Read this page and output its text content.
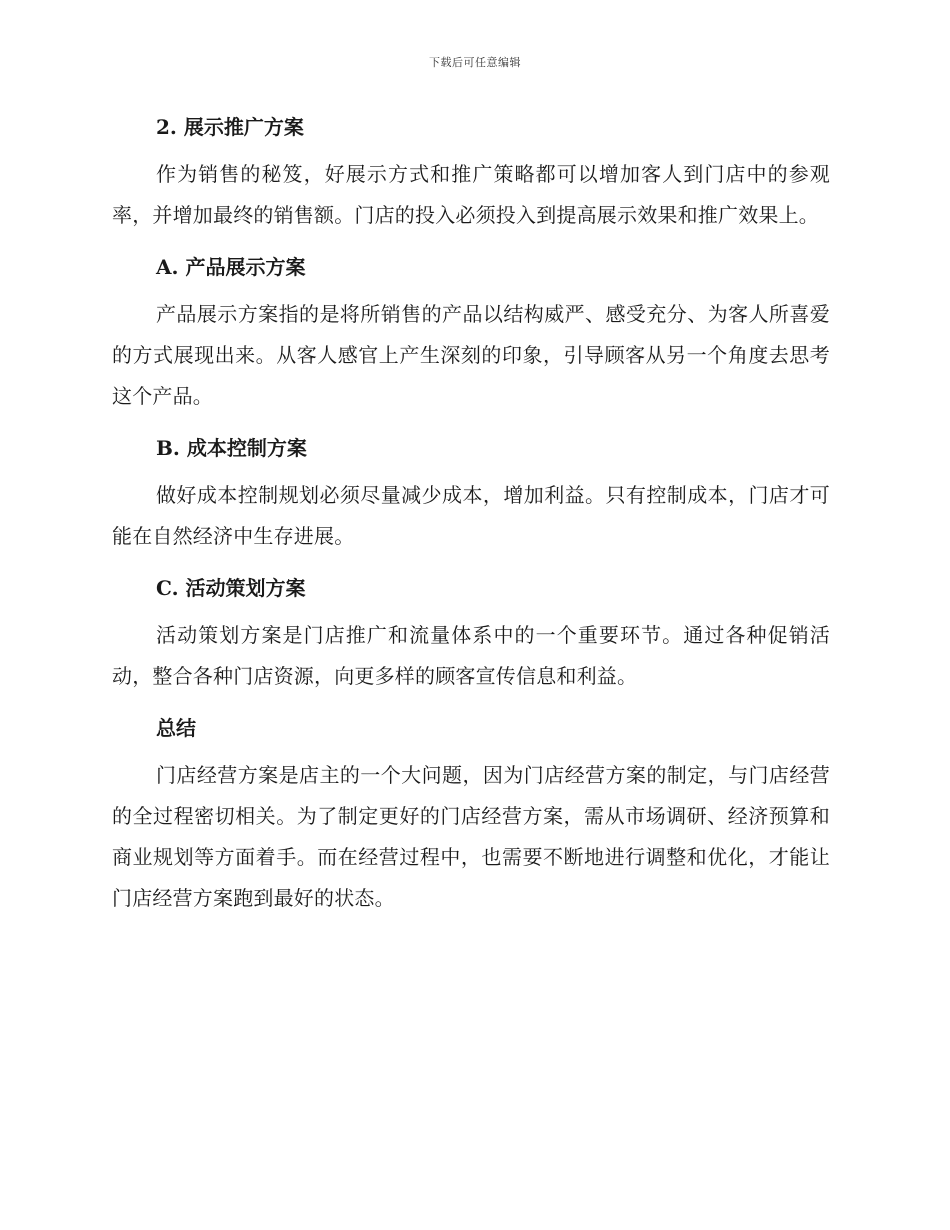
下载后可任意编辑
2. 展示推广方案

作为销售的秘笈，好展示方式和推广策略都可以增加客人到门店中的参观率，并增加最终的销售额。门店的投入必须投入到提高展示效果和推广效果上。

A. 产品展示方案

产品展示方案指的是将所销售的产品以结构威严、感受充分、为客人所喜爱的方式展现出来。从客人感官上产生深刻的印象，引导顾客从另一个角度去思考这个产品。

B. 成本控制方案

做好成本控制规划必须尽量减少成本，增加利益。只有控制成本，门店才可能在自然经济中生存进展。

C. 活动策划方案

活动策划方案是门店推广和流量体系中的一个重要环节。通过各种促销活动，整合各种门店资源，向更多样的顾客宣传信息和利益。

总结

门店经营方案是店主的一个大问题，因为门店经营方案的制定，与门店经营的全过程密切相关。为了制定更好的门店经营方案，需从市场调研、经济预算和商业规划等方面着手。而在经营过程中，也需要不断地进行调整和优化，才能让门店经营方案跑到最好的状态。
